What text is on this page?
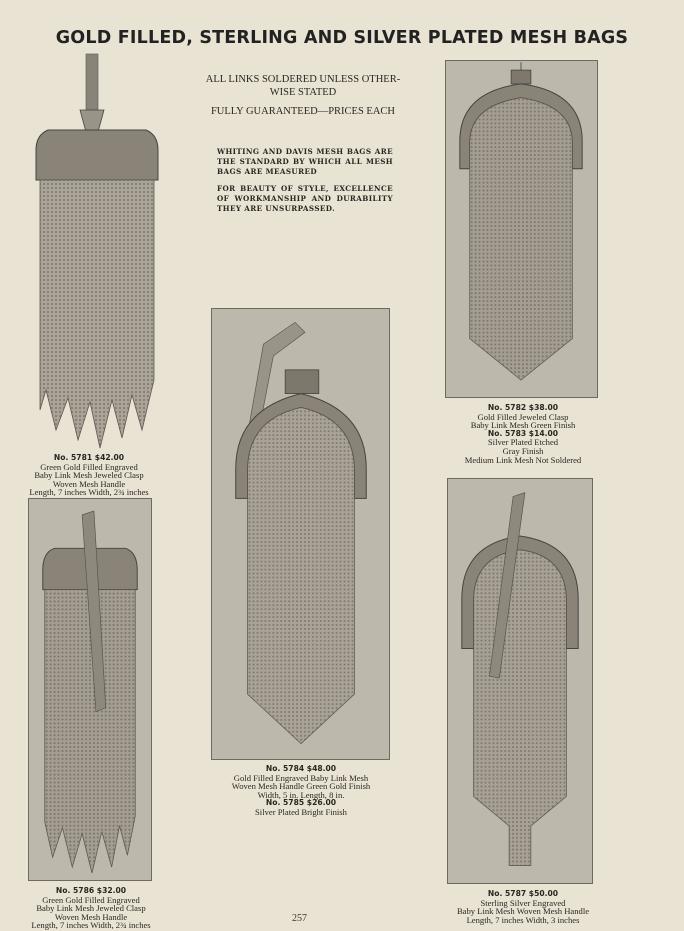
GOLD FILLED, STERLING AND SILVER PLATED MESH BAGS
ALL LINKS SOLDERED UNLESS OTHER-
WISE STATED
FULLY GUARANTEED—PRICES EACH
WHITING AND DAVIS MESH BAGS ARE THE STANDARD BY WHICH ALL MESH BAGS ARE MEASURED
FOR BEAUTY OF STYLE, EXCELLENCE OF WORKMANSHIP AND DURABILITY THEY ARE UNSURPASSED.
No. 5781 $42.00
Green Gold Filled Engraved
Baby Link Mesh Jeweled Clasp
Woven Mesh Handle
Length, 7 inches Width, 2¾ inches
No. 5782 $38.00
Gold Filled Jeweled Clasp
Baby Link Mesh Green Finish
No. 5783 $14.00
Silver Plated Etched
Gray Finish
Medium Link Mesh Not Soldered
No. 5784 $48.00
Gold Filled Engraved Baby Link Mesh
Woven Mesh Handle Green Gold Finish
Width, 5 in. Length, 8 in.
No. 5785 $26.00
Silver Plated Bright Finish
No. 5786 $32.00
Green Gold Filled Engraved
Baby Link Mesh Jeweled Clasp
Woven Mesh Handle
Length, 7 inches Width, 2¾ inches
No. 5787 $50.00
Sterling Silver Engraved
Baby Link Mesh Woven Mesh Handle
Length, 7 inches Width, 3 inches
257
